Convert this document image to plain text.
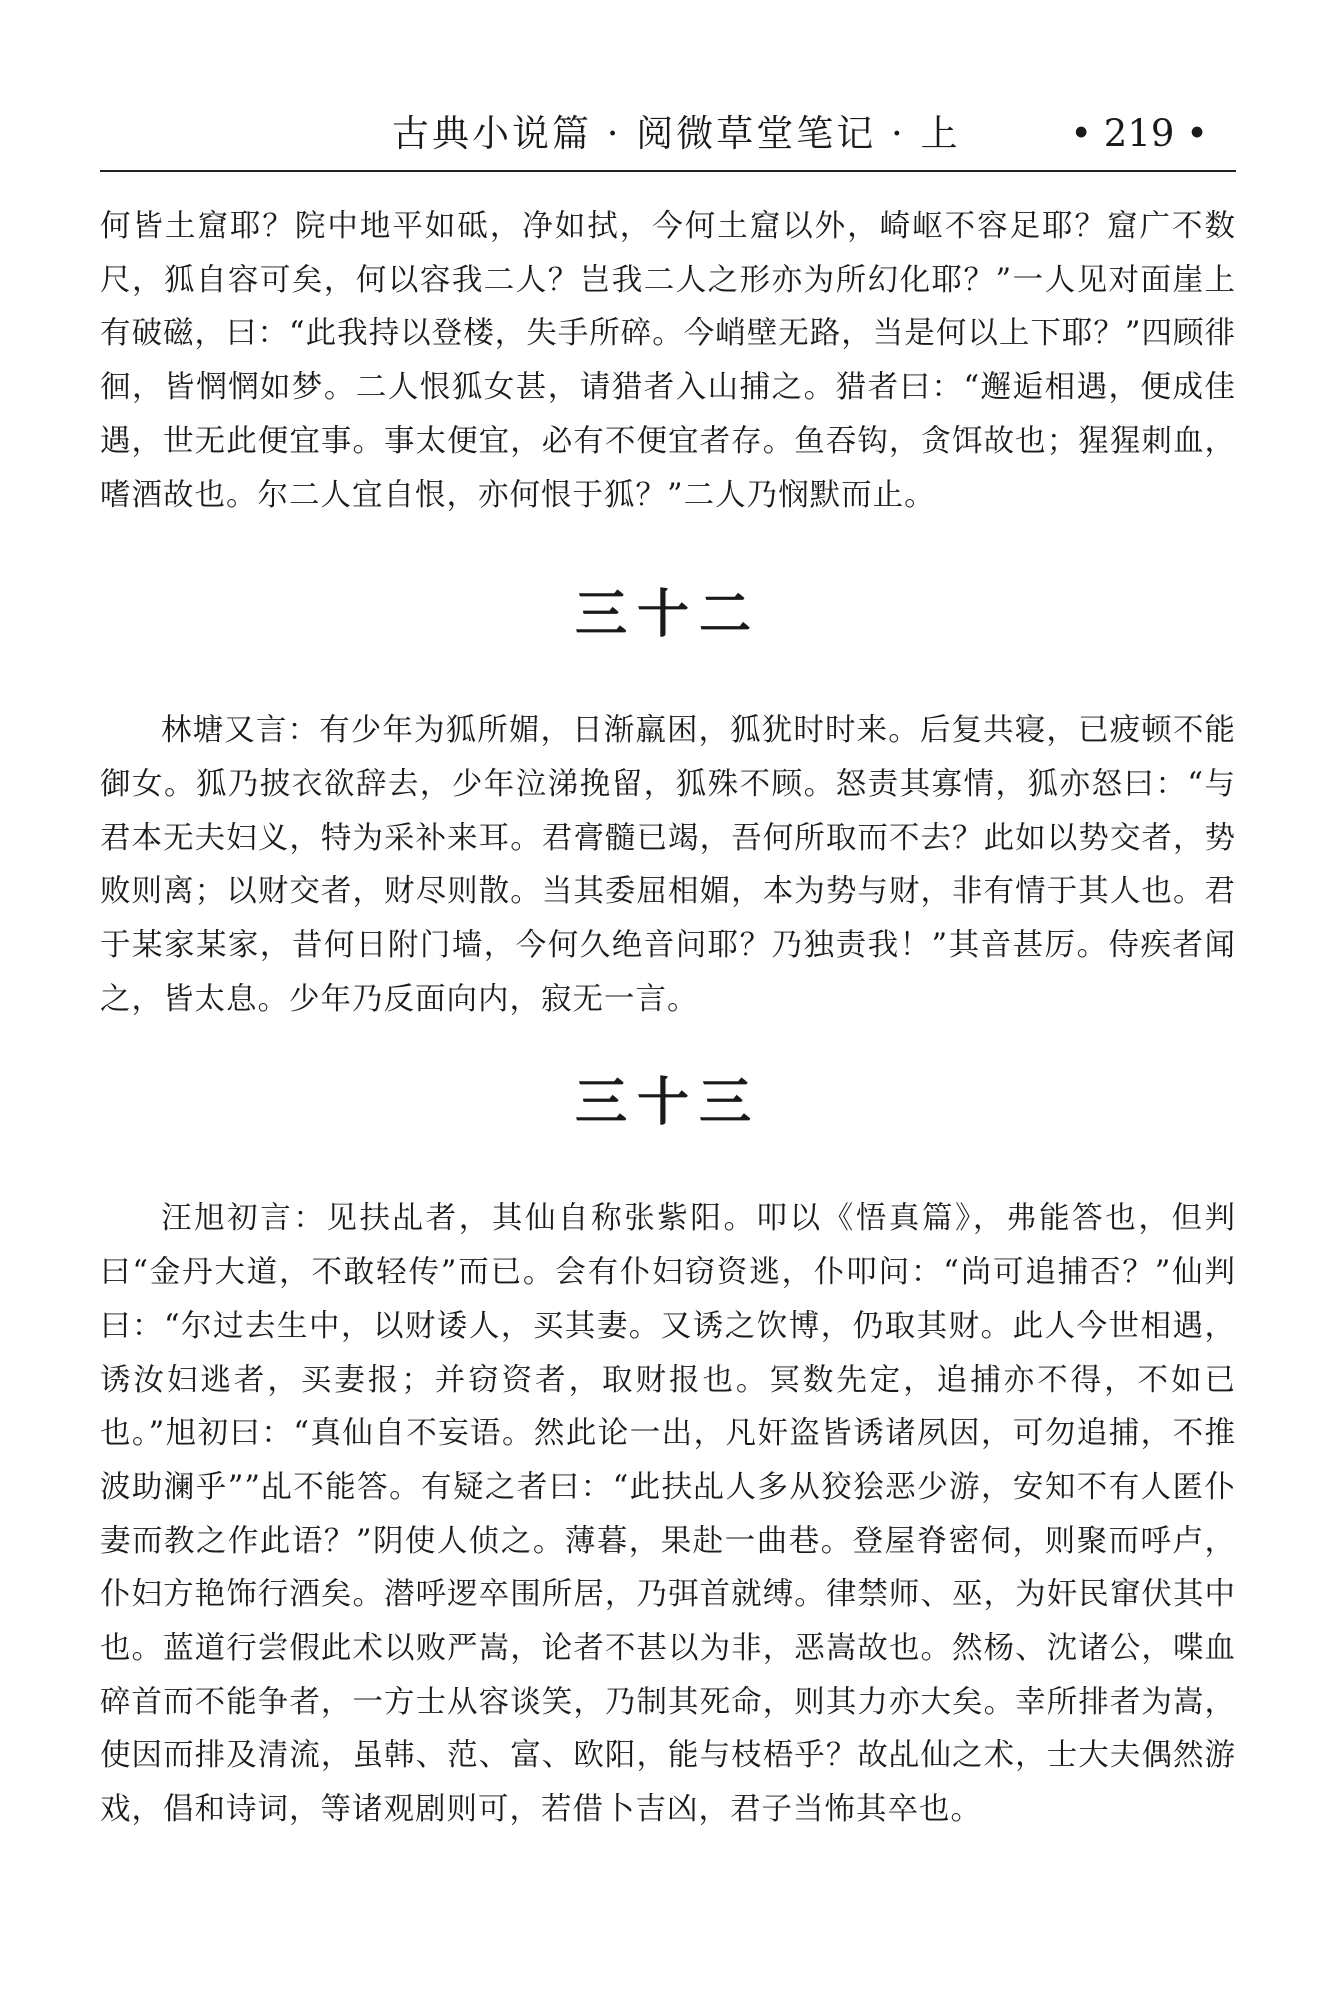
古典小说篇 · 阅微草堂笔记 · 上	• 219 •

何皆土窟耶？院中地平如砥，净如拭，今何土窟以外，崎岖不容足耶？窟广不数尺，狐自容可矣，何以容我二人？岂我二人之形亦为所幻化耶？”一人见对面崖上有破磁，曰：“此我持以登楼，失手所碎。今峭壁无路，当是何以上下耶？”四顾徘徊，皆惘惘如梦。二人恨狐女甚，请猎者入山捕之。猎者曰：“邂逅相遇，便成佳遇，世无此便宜事。事太便宜，必有不便宜者存。鱼吞钩，贪饵故也；猩猩刺血，嗜酒故也。尔二人宜自恨，亦何恨于狐？”二人乃悯默而止。

三十二

林塘又言：有少年为狐所媚，日渐羸困，狐犹时时来。后复共寝，已疲顿不能御女。狐乃披衣欲辞去，少年泣涕挽留，狐殊不顾。怒责其寡情，狐亦怒曰：“与君本无夫妇义，特为采补来耳。君膏髓已竭，吾何所取而不去？此如以势交者，势败则离；以财交者，财尽则散。当其委屈相媚，本为势与财，非有情于其人也。君于某家某家，昔何日附门墙，今何久绝音问耶？乃独责我！”其音甚厉。侍疾者闻之，皆太息。少年乃反面向内，寂无一言。

三十三

汪旭初言：见扶乩者，其仙自称张紫阳。叩以《悟真篇》，弗能答也，但判曰“金丹大道，不敢轻传”而已。会有仆妇窃资逃，仆叩问：“尚可追捕否？”仙判曰：“尔过去生中，以财诿人，买其妻。又诱之饮博，仍取其财。此人今世相遇，诱汝妇逃者，买妻报；并窃资者，取财报也。冥数先定，追捕亦不得，不如已也。”旭初曰：“真仙自不妄语。然此论一出，凡奸盗皆诱诸夙因，可勿追捕，不推波助澜乎””乩不能答。有疑之者曰：“此扶乩人多从狡狯恶少游，安知不有人匿仆妻而教之作此语？”阴使人侦之。薄暮，果赴一曲巷。登屋脊密伺，则聚而呼卢，仆妇方艳饰行酒矣。潜呼逻卒围所居，乃弭首就缚。律禁师、巫，为奸民窜伏其中也。蓝道行尝假此术以败严嵩，论者不甚以为非，恶嵩故也。然杨、沈诸公，喋血碎首而不能争者，一方士从容谈笑，乃制其死命，则其力亦大矣。幸所排者为嵩，使因而排及清流，虽韩、范、富、欧阳，能与枝梧乎？故乩仙之术，士大夫偶然游戏，倡和诗词，等诸观剧则可，若借卜吉凶，君子当怖其卒也。
